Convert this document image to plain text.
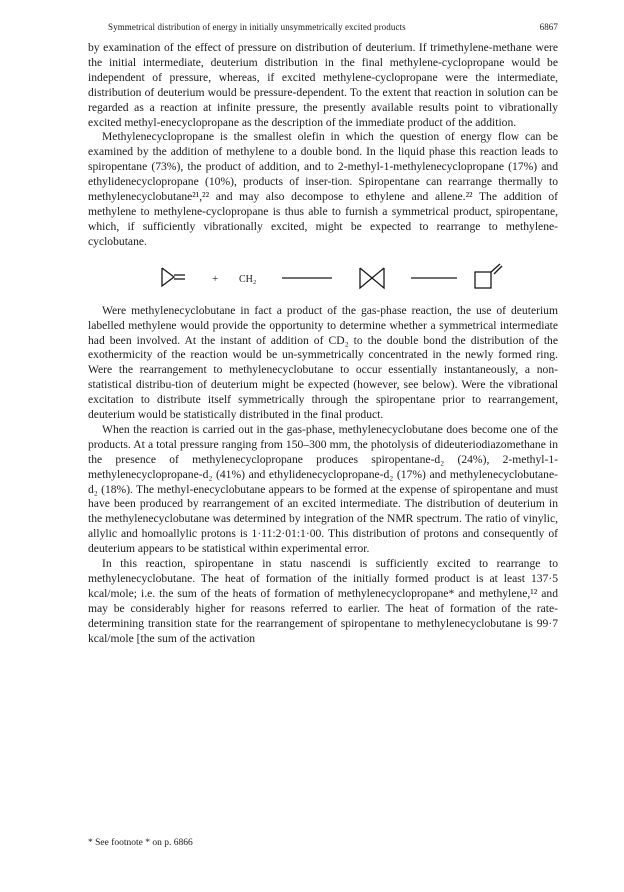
Symmetrical distribution of energy in initially unsymmetrically excited products	6867

by examination of the effect of pressure on distribution of deuterium. If trimethylene-methane were the initial intermediate, deuterium distribution in the final methylene-cyclopropane would be independent of pressure, whereas, if excited methylene-cyclopropane were the intermediate, distribution of deuterium would be pressure-dependent. To the extent that reaction in solution can be regarded as a reaction at infinite pressure, the presently available results point to vibrationally excited methyl-enecyclopropane as the description of the immediate product of the addition.

Methylenecyclopropane is the smallest olefin in which the question of energy flow can be examined by the addition of methylene to a double bond. In the liquid phase this reaction leads to spiropentane (73%), the product of addition, and to 2-methyl-1-methylenecyclopropane (17%) and ethylidenecyclopropane (10%), products of inser-tion. Spiropentane can rearrange thermally to methylenecyclobutane²¹,²² and may also decompose to ethylene and allene.²² The addition of methylene to methylene-cyclopropane is thus able to furnish a symmetrical product, spiropentane, which, if sufficiently vibrationally excited, might be expected to rearrange to methylene-cyclobutane.

+ CH₂

Were methylenecyclobutane in fact a product of the gas-phase reaction, the use of deuterium labelled methylene would provide the opportunity to determine whether a symmetrical intermediate had been involved. At the instant of addition of CD₂ to the double bond the distribution of the exothermicity of the reaction would be un-symmetrically concentrated in the newly formed ring. Were the rearrangement to methylenecyclobutane to occur essentially instantaneously, a non-statistical distribu-tion of deuterium might be expected (however, see below). Were the vibrational excitation to distribute itself symmetrically through the spiropentane prior to rearrangement, deuterium would be statistically distributed in the final product.

When the reaction is carried out in the gas-phase, methylenecyclobutane does become one of the products. At a total pressure ranging from 150–300 mm, the photolysis of dideuteriodiazomethane in the presence of methylenecyclopropane produces spiropentane-d₂ (24%), 2-methyl-1-methylenecyclopropane-d₂ (41%) and ethylidenecyclopropane-d₂ (17%) and methylenecyclobutane-d₂ (18%). The methyl-enecyclobutane appears to be formed at the expense of spiropentane and must have been produced by rearrangement of an excited intermediate. The distribution of deuterium in the methylenecyclobutane was determined by integration of the NMR spectrum. The ratio of vinylic, allylic and homoallylic protons is 1·11:2·01:1·00. This distribution of protons and consequently of deuterium appears to be statistical within experimental error.

In this reaction, spiropentane in statu nascendi is sufficiently excited to rearrange to methylenecyclobutane. The heat of formation of the initially formed product is at least 137·5 kcal/mole; i.e. the sum of the heats of formation of methylenecyclopropane* and methylene,¹² and may be considerably higher for reasons referred to earlier. The heat of formation of the rate-determining transition state for the rearrangement of spiropentane to methylenecyclobutane is 99·7 kcal/mole [the sum of the activation

* See footnote * on p. 6866
